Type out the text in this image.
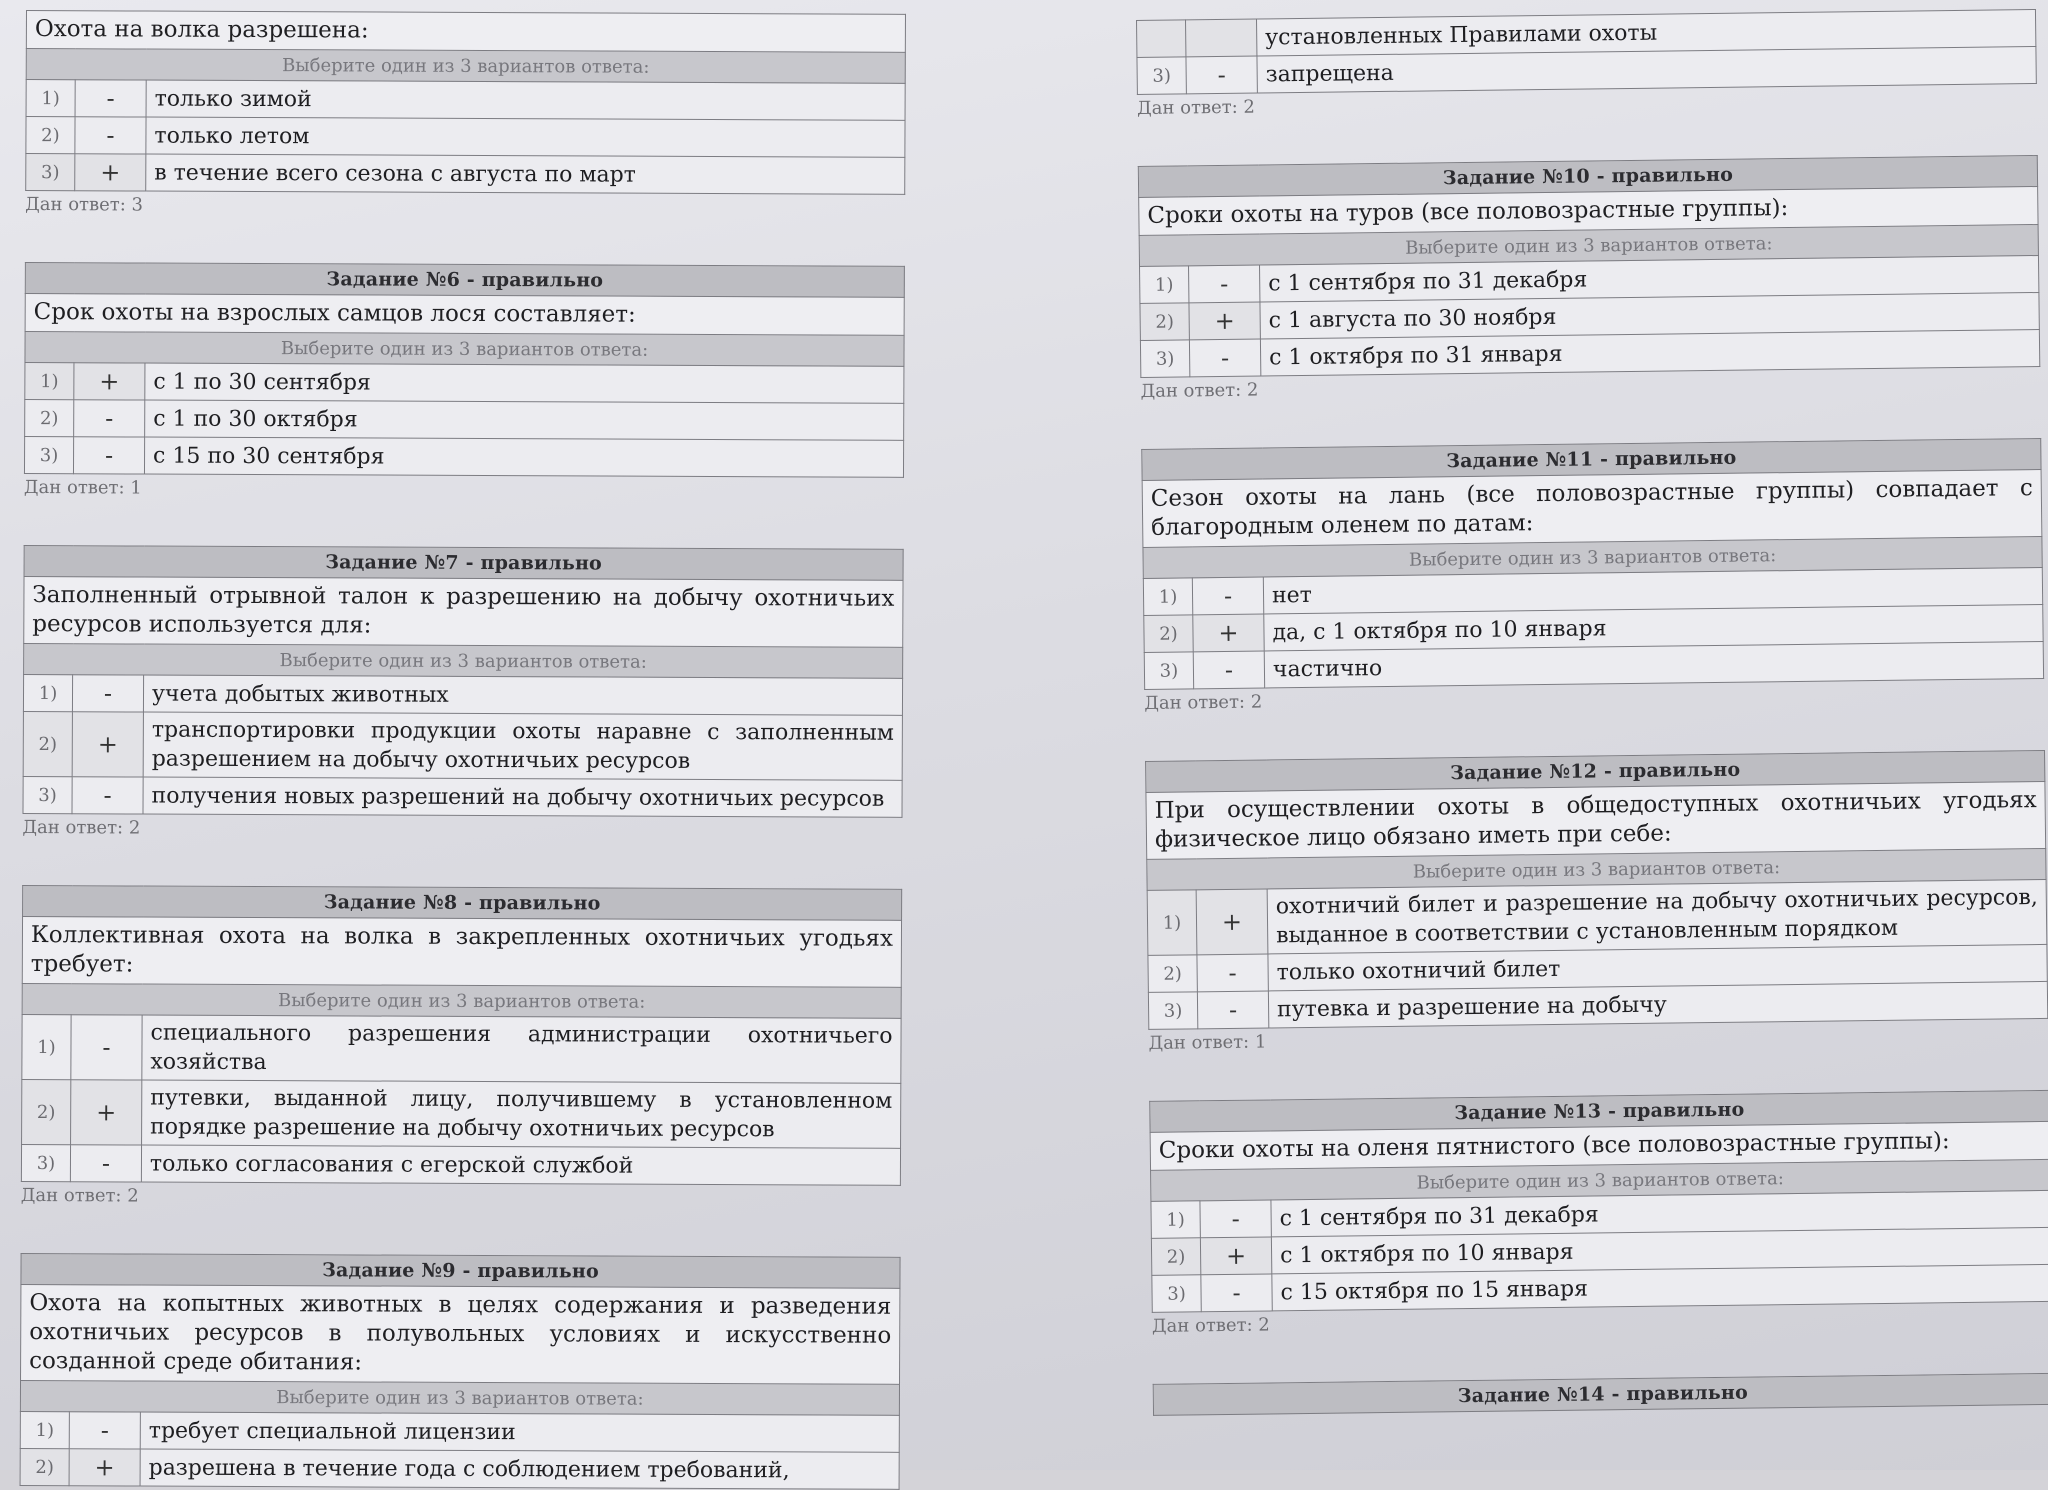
Охота на волка разрешена:		
Выберите один из 3 вариантов ответа:		
1)	-	только зимой
2)	-	только летом
3)	+	в течение всего сезона с августа по март
Дан ответ: 3
Задание №6 - правильно		
Срок охоты на взрослых самцов лося составляет:		
Выберите один из 3 вариантов ответа:		
1)	+	с 1 по 30 сентября
2)	-	с 1 по 30 октября
3)	-	с 15 по 30 сентября
Дан ответ: 1
Задание №7 - правильно		
Заполненный отрывной талон к разрешению на добычу охотничьих ресурсов используется для:		
Выберите один из 3 вариантов ответа:		
1)	-	учета добытых животных
2)	+	транспортировки продукции охоты наравне с заполненным разрешением на добычу охотничьих ресурсов
3)	-	получения новых разрешений на добычу охотничьих ресурсов
Дан ответ: 2
Задание №8 - правильно		
Коллективная охота на волка в закрепленных охотничьих угодьях требует:		
Выберите один из 3 вариантов ответа:		
1)	-	специального разрешения администрации охотничьего хозяйства
2)	+	путевки, выданной лицу, получившему в установленном порядке разрешение на добычу охотничьих ресурсов
3)	-	только согласования с егерской службой
Дан ответ: 2
Задание №9 - правильно		
Охота на копытных животных в целях содержания и разведения охотничьих ресурсов в полувольных условиях и искусственно созданной среде обитания:		
Выберите один из 3 вариантов ответа:		
1)	-	требует специальной лицензии
2)	+	разрешена в течение года с соблюдением требований,
		установленных Правилами охоты
3)	-	запрещена
Дан ответ: 2
Задание №10 - правильно		
Сроки охоты на туров (все половозрастные группы):		
Выберите один из 3 вариантов ответа:		
1)	-	с 1 сентября по 31 декабря
2)	+	с 1 августа по 30 ноября
3)	-	с 1 октября по 31 января
Дан ответ: 2
Задание №11 - правильно		
Сезон охоты на лань (все половозрастные группы) совпадает с благородным оленем по датам:		
Выберите один из 3 вариантов ответа:		
1)	-	нет
2)	+	да, с 1 октября по 10 января
3)	-	частично
Дан ответ: 2
Задание №12 - правильно		
При осуществлении охоты в общедоступных охотничьих угодьях физическое лицо обязано иметь при себе:		
Выберите один из 3 вариантов ответа:		
1)	+	охотничий билет и разрешение на добычу охотничьих ресурсов, выданное в соответствии с установленным порядком
2)	-	только охотничий билет
3)	-	путевка и разрешение на добычу
Дан ответ: 1
Задание №13 - правильно		
Сроки охоты на оленя пятнистого (все половозрастные группы):		
Выберите один из 3 вариантов ответа:		
1)	-	с 1 сентября по 31 декабря
2)	+	с 1 октября по 10 января
3)	-	с 15 октября по 15 января
Дан ответ: 2
Задание №14 - правильно
